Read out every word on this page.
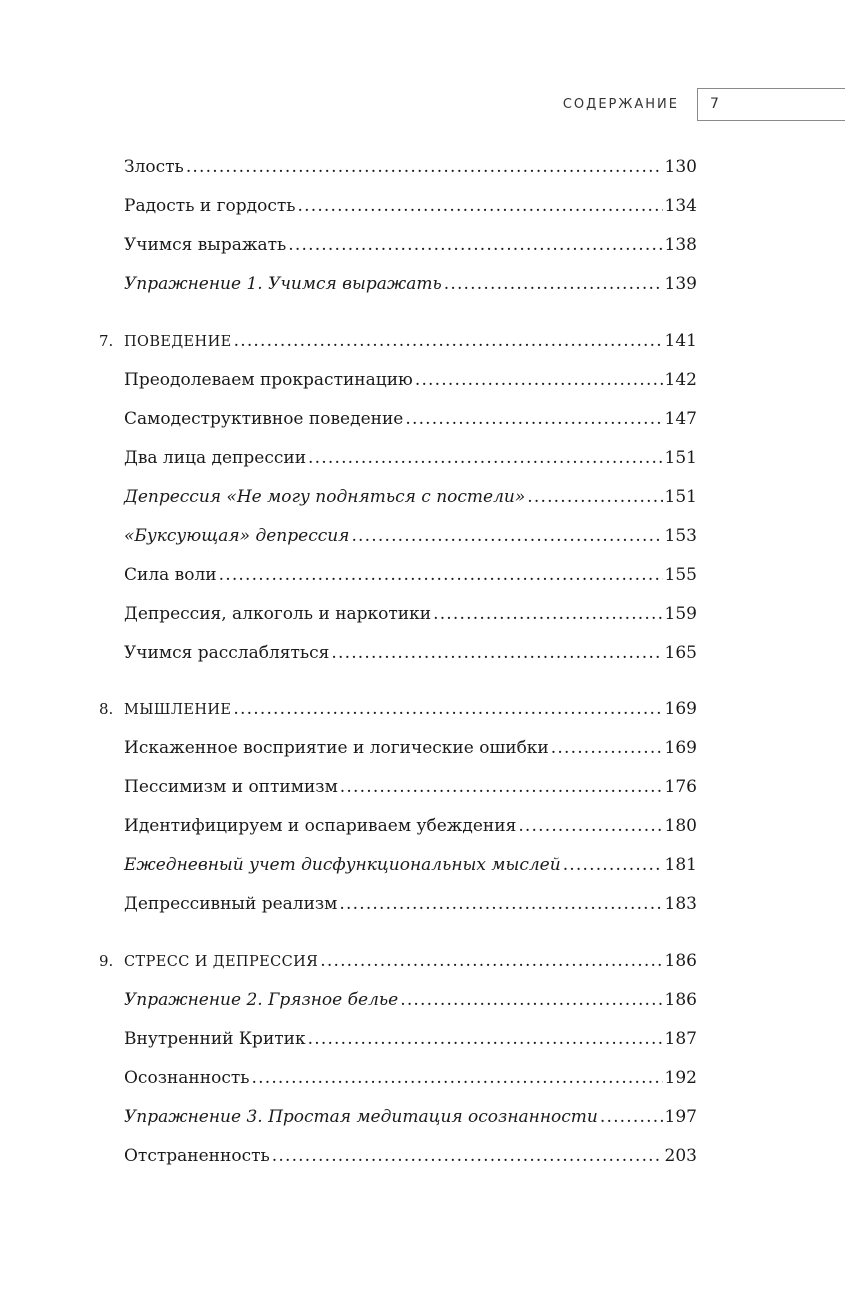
СОДЕРЖАНИЕ 7
Злость .....	130
Радость и гордость .....	134
Учимся выражать .....	138
Упражнение 1. Учимся выражать .....	139
7. ПОВЕДЕНИЕ .....	141
Преодолеваем прокрастинацию .....	142
Самодеструктивное поведение .....	147
Два лица депрессии .....	151
Депрессия «Не могу подняться с постели» .....	151
«Буксующая» депрессия .....	153
Сила воли .....	155
Депрессия, алкоголь и наркотики .....	159
Учимся расслабляться .....	165
8. МЫШЛЕНИЕ .....	169
Искаженное восприятие и логические ошибки .....	169
Пессимизм и оптимизм .....	176
Идентифицируем и оспариваем убеждения .....	180
Ежедневный учет дисфункциональных мыслей .....	181
Депрессивный реализм .....	183
9. СТРЕСС И ДЕПРЕССИЯ .....	186
Упражнение 2. Грязное белье .....	186
Внутренний Критик .....	187
Осознанность .....	192
Упражнение 3. Простая медитация осознанности .....	197
Отстраненность .....	203
